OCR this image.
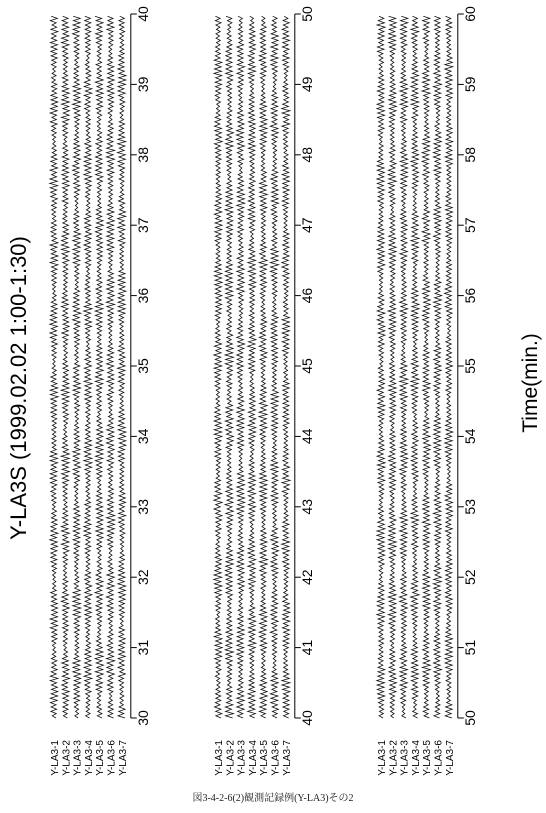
Y-LA3S (1999.02.02 1:00-1:30)	Time(min.)
Y-LA3-1 Y-LA3-2 Y-LA3-3 Y-LA3-4 Y-LA3-5 Y-LA3-6 Y-LA3-7
30
31
32
33
34
35
36
37
38
39
40
Y-LA3-1 Y-LA3-2 Y-LA3-3 Y-LA3-4 Y-LA3-5 Y-LA3-6 Y-LA3-7
40
41
42
43
44
45
46
47
48
49
50
Y-LA3-1 Y-LA3-2 Y-LA3-3 Y-LA3-4 Y-LA3-5 Y-LA3-6 Y-LA3-7
50
51
52
53
54
55
56
57
58
59
60
図3-4-2-6(2)観測記録例(Y-LA3)その2
